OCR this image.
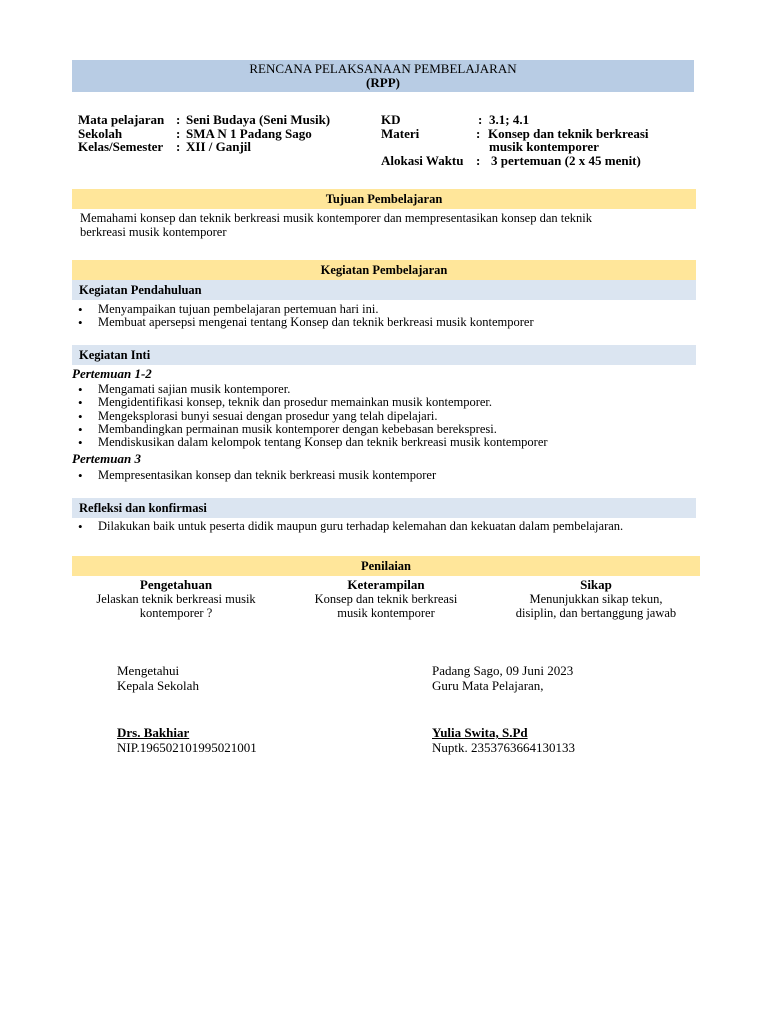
RENCANA PELAKSANAAN PEMBELAJARAN
(RPP)
Mata pelajaran : Seni Budaya (Seni Musik)
Sekolah	: SMA N 1 Padang Sago
Kelas/Semester : XII / Ganjil
KD	: 3.1; 4.1
Materi	: Konsep dan teknik berkreasi
musik kontemporer
Alokasi Waktu : 3 pertemuan (2 x 45 menit)
Tujuan Pembelajaran
Memahami konsep dan teknik berkreasi musik kontemporer dan mempresentasikan konsep dan teknik
berkreasi musik kontemporer
Kegiatan Pembelajaran
Kegiatan Pendahuluan
• Menyampaikan tujuan pembelajaran pertemuan hari ini.
• Membuat apersepsi mengenai tentang Konsep dan teknik berkreasi musik kontemporer
Kegiatan Inti
Pertemuan 1-2
• Mengamati sajian musik kontemporer.
• Mengidentifikasi konsep, teknik dan prosedur memainkan musik kontemporer.
• Mengeksplorasi bunyi sesuai dengan prosedur yang telah dipelajari.
• Membandingkan permainan musik kontemporer dengan kebebasan berekspresi.
• Mendiskusikan dalam kelompok tentang Konsep dan teknik berkreasi musik kontemporer
Pertemuan 3
• Mempresentasikan konsep dan teknik berkreasi musik kontemporer
Refleksi dan konfirmasi
• Dilakukan baik untuk peserta didik maupun guru terhadap kelemahan dan kekuatan dalam pembelajaran.
Penilaian
Pengetahuan
Jelaskan teknik berkreasi musik
kontemporer ?
Keterampilan
Konsep dan teknik berkreasi
musik kontemporer
Sikap
Menunjukkan sikap tekun,
disiplin, dan bertanggung jawab
Mengetahui
Kepala Sekolah
Drs. Bakhiar
NIP.196502101995021001
Padang Sago, 09 Juni 2023
Guru Mata Pelajaran,
Yulia Swita, S.Pd
Nuptk. 2353763664130133
